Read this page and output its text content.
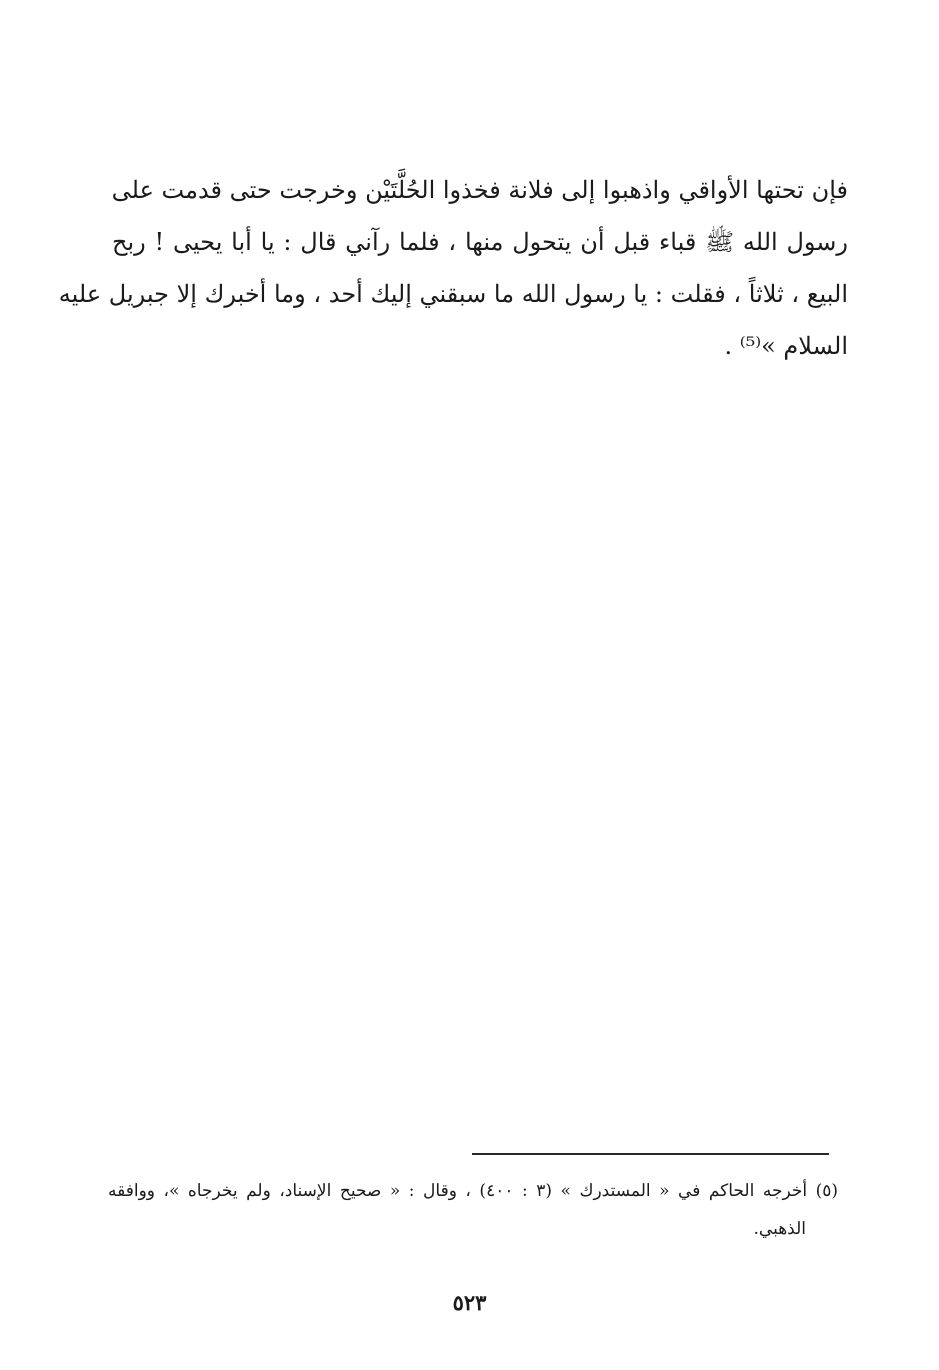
فإن تحتها الأواقي واذهبوا إلى فلانة فخذوا الحُلَّتَيْن وخرجت حتى قدمت على
رسول الله ﷺ قباء قبل أن يتحول منها ، فلما رآني قال : يا أبا يحيى ! ربح
البيع ، ثلاثاً ، فقلت : يا رسول الله ما سبقني إليك أحد ، وما أخبرك إلا جبريل عليه
السلام »⁽⁵⁾ .

(٥) أخرجه الحاكم في « المستدرك » (٣ : ٤٠٠) ، وقال : « صحيح الإسناد، ولم يخرجاه »، ووافقه
الذهبي.

٥٢٣
